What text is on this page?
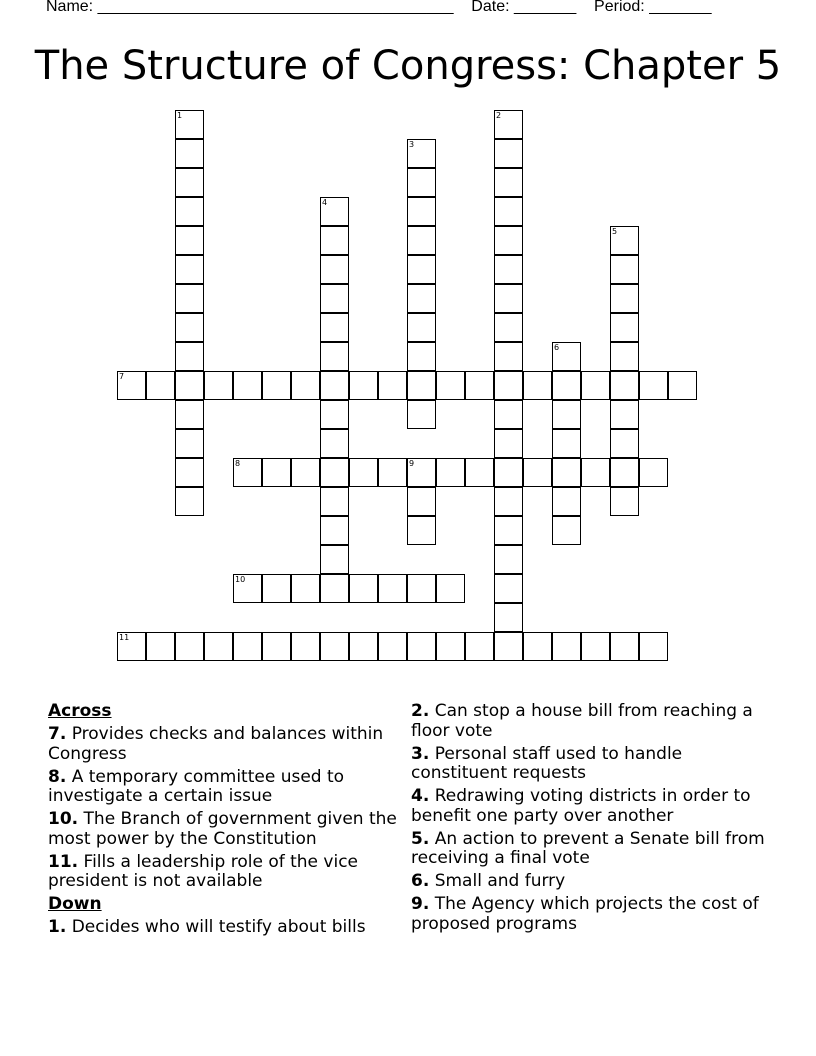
Name: ________________________________________    Date: _______    Period: _______
The Structure of Congress: Chapter 5
1	2
3
4
5
6
7
8	9
10
11
Across
7. Provides checks and balances within Congress
8. A temporary committee used to investigate a certain issue
10. The Branch of government given the most power by the Constitution
11. Fills a leadership role of the vice president is not available
Down
1. Decides who will testify about bills
2. Can stop a house bill from reaching a floor vote
3. Personal staff used to handle constituent requests
4. Redrawing voting districts in order to benefit one party over another
5. An action to prevent a Senate bill from receiving a final vote
6. Small and furry
9. The Agency which projects the cost of proposed programs
